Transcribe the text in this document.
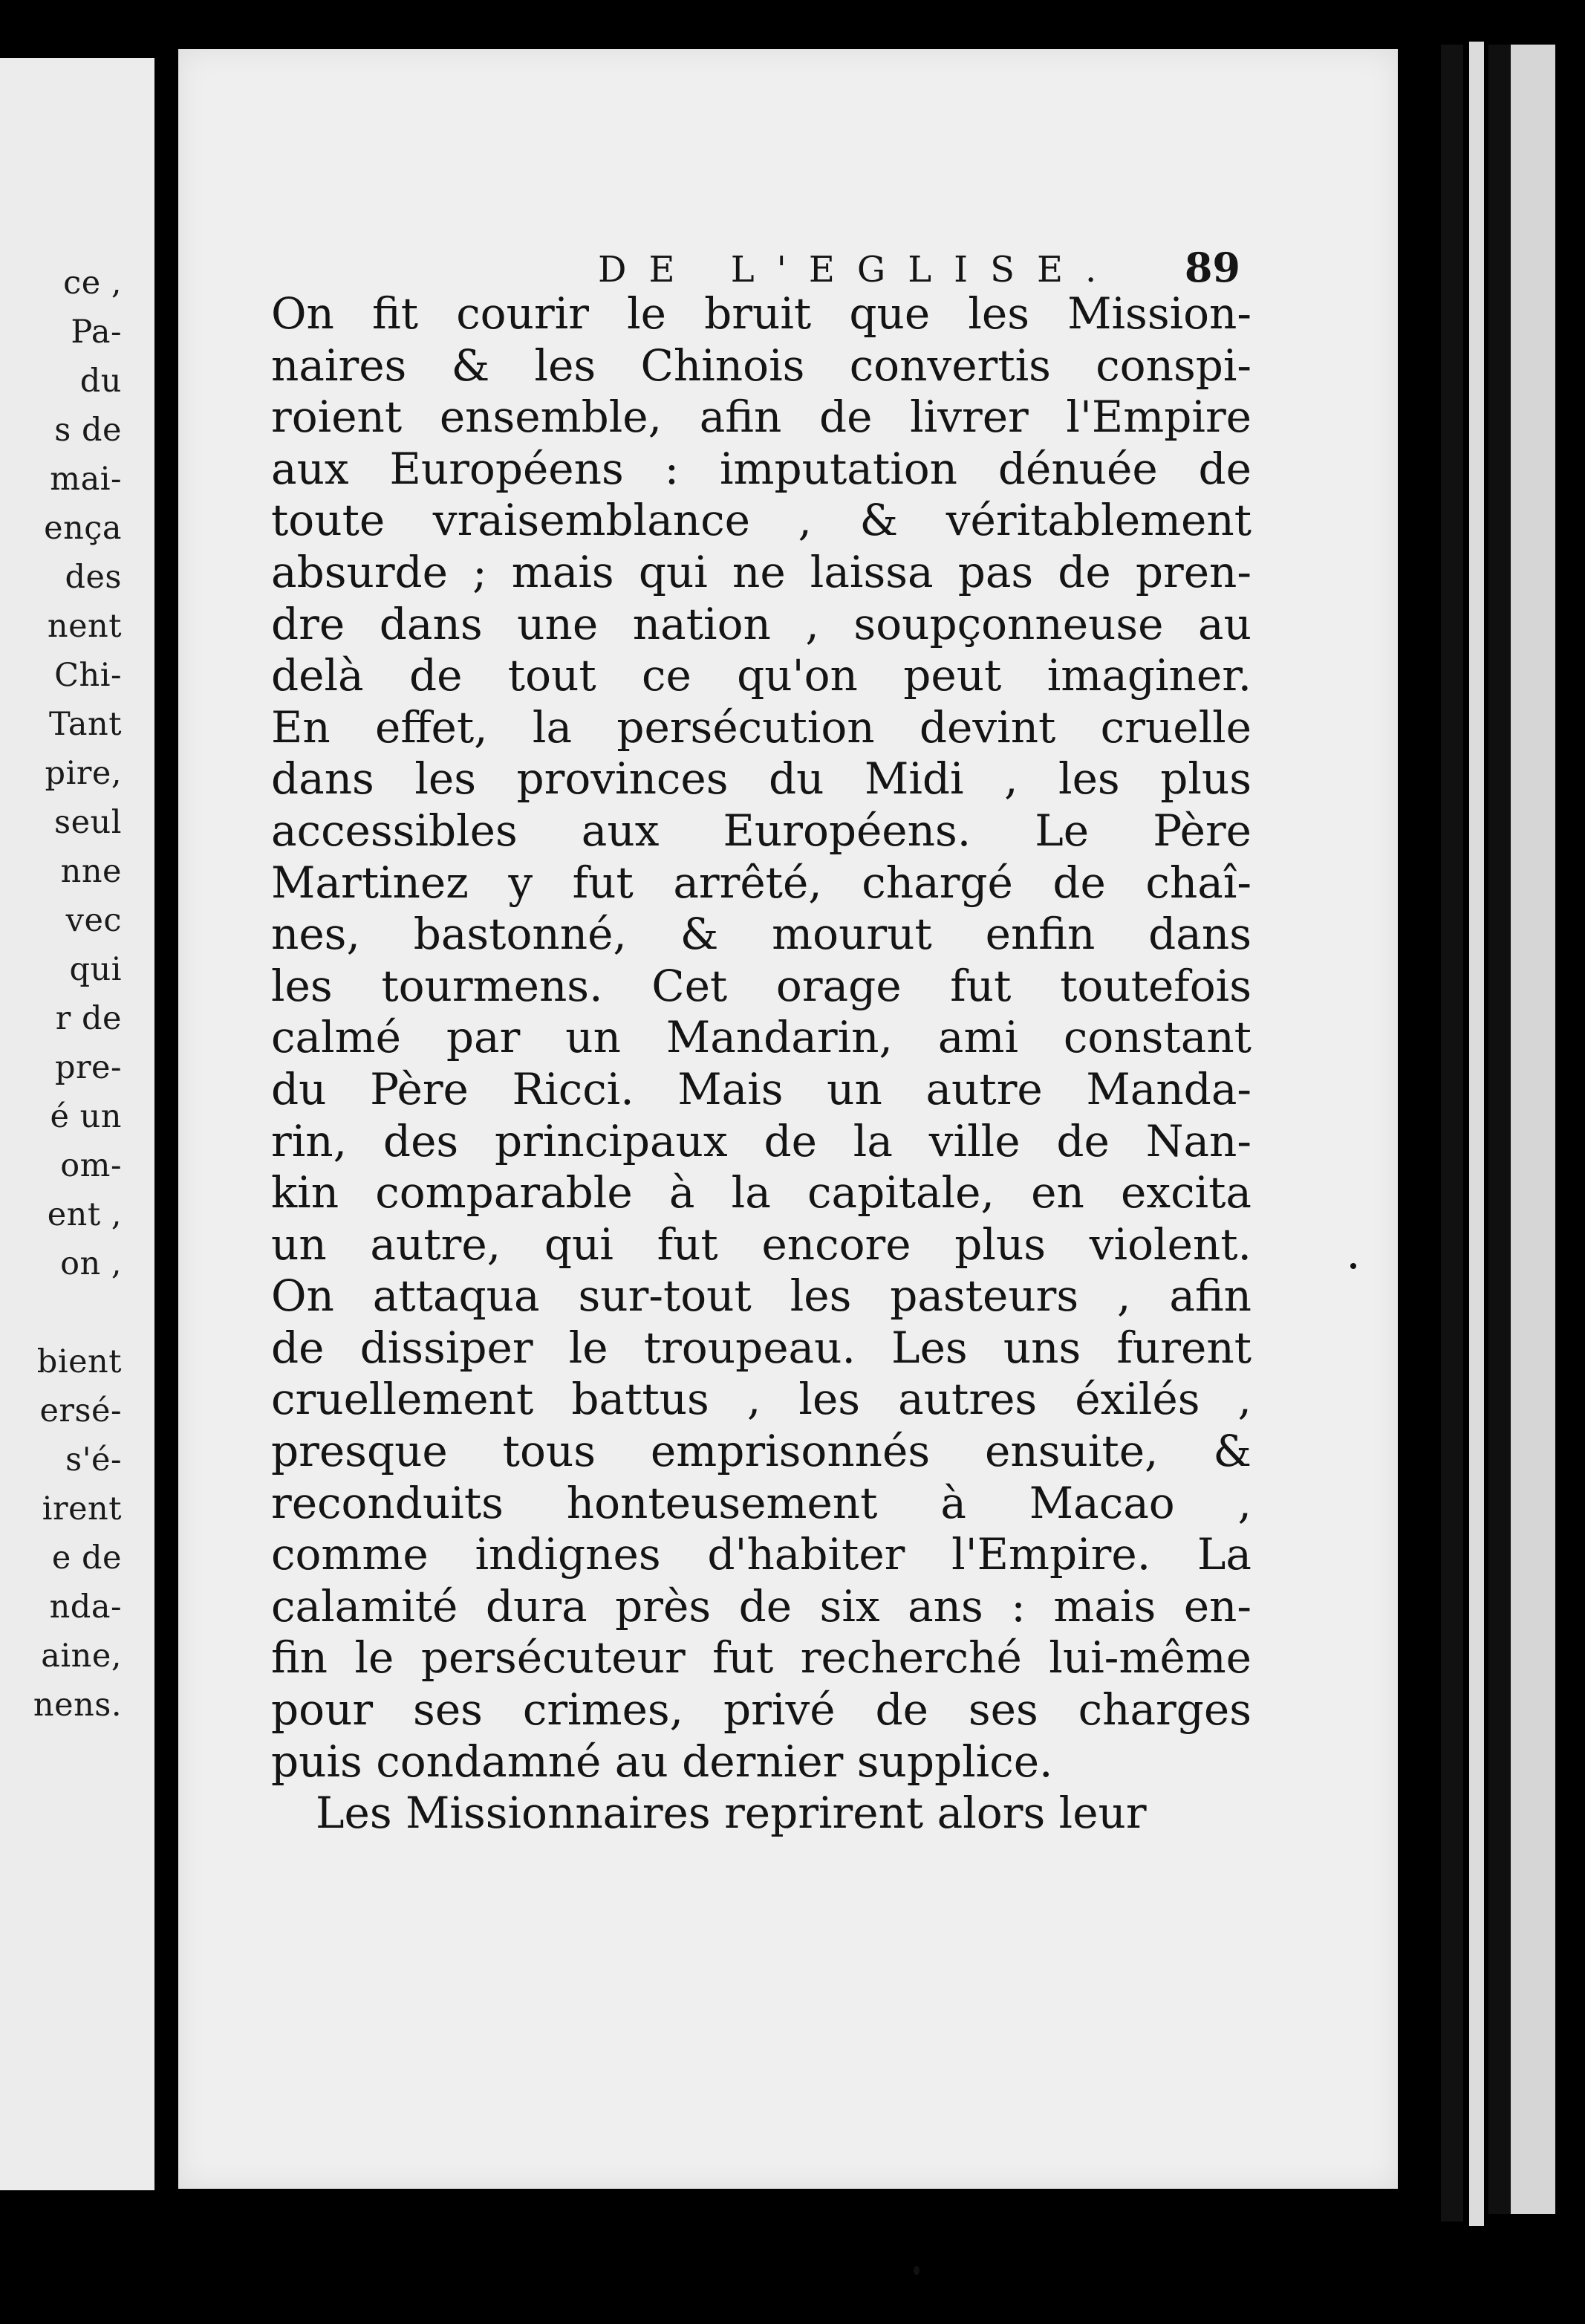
ce ,

Pa-

du

s de

mai-

ença

des

nent

Chi-

Tant

pire,

seul

nne

vec

qui

r de

pre-

é un

om-

ent ,

on ,

bient

ersé-

s'é-

irent

e de

nda-

aine,

nens.

DE L'EGLISE. 89
On fit courir le bruit que les Mission-
naires & les Chinois convertis conspi-
roient ensemble, afin de livrer l'Empire
aux Européens : imputation dénuée de
toute vraisemblance , & véritablement
absurde ; mais qui ne laissa pas de pren-
dre dans une nation , soupçonneuse au
delà de tout ce qu'on peut imaginer.
En effet, la persécution devint cruelle
dans les provinces du Midi , les plus
accessibles aux Européens. Le Père
Martinez y fut arrêté, chargé de chaî-
nes, bastonné, & mourut enfin dans
les tourmens. Cet orage fut toutefois
calmé par un Mandarin, ami constant
du Père Ricci. Mais un autre Manda-
rin, des principaux de la ville de Nan-
kin comparable à la capitale, en excita
un autre, qui fut encore plus violent.
On attaqua sur-tout les pasteurs , afin
de dissiper le troupeau. Les uns furent
cruellement battus , les autres éxilés ,
presque tous emprisonnés ensuite, &
reconduits honteusement à Macao ,
comme indignes d'habiter l'Empire. La
calamité dura près de six ans : mais en-
fin le persécuteur fut recherché lui-même
pour ses crimes, privé de ses charges
puis condamné au dernier supplice.
Les Missionnaires reprirent alors leur
